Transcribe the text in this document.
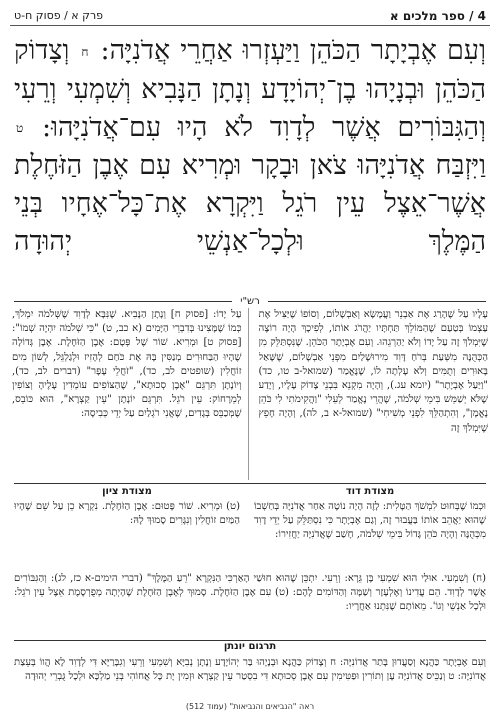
4 / ספר מלכים א
פרק א / פסוק ח-ט
וְעִם אֶבְיָתָר הַכֹּהֵן וַיַּעְזְרוּ אַחֲרֵי אֲדֹנִיָּה: ח וְצָדוֹק הַכֹּהֵן וּבְנָיָהוּ בֶן־יְהוֹיָדָע וְנָתָן הַנָּבִיא וְשִׁמְעִי וְרֵעִי וְהַגִּבּוֹרִים אֲשֶׁר לְדָוִד לֹא הָיוּ עִם־אֲדֹנִיָּהוּ: ט וַיִּזְבַּח אֲדֹנִיָּהוּ צֹאן וּבָקָר וּמְרִיא עִם אֶבֶן הַזֹּחֶלֶת אֲשֶׁר־אֵצֶל עֵין רֹגֵל וַיִּקְרָא אֶת־כָּל־אֶחָיו בְּנֵי הַמֶּלֶךְ וּלְכָל־אַנְשֵׁי יְהוּדָה
רש"י
עָלָיו עַל שֶׁהָרַג אֶת אַבְנֵר וַעֲמָשָׂא וְאַבְשָׁלוֹם, וְסוֹפוֹ שֶׁיַּצִּיל אֶת עַצְמוֹ בְּטַעַם שֶׁהַמּוֹלֵךְ תַּחְתָּיו יַהֲרֹג אוֹתוֹ, לְפִיכָךְ הָיָה רוֹצֶה שֶׁיִּמְלֹךְ זֶה עַל יָדוֹ וְלֹא יַהַרְגֵהוּ. וְעִם אֶבְיָתָר הַכֹּהֵן. שֶׁנִּסְתַּלֵּק מִן הַכְּהֻנָּה מִשְּׁעַת בְּרֹחַ דָּוִד מִירוּשָׁלַיִם מִפְּנֵי אַבְשָׁלוֹם, שֶׁשָּׁאַל בָּאוּרִים וְתֻמִּים וְלֹא עָלְתָה לוֹ, שֶׁנֶּאֱמַר (שמואל-ב טו, כד) "וַיַּעַל אֶבְיָתָר" (יומא עג.), וְהָיָה מִקְנֵא בִּבְנֵי צָדוֹק עָלָיו, וְיָדַע שֶׁלֹּא יְשַׁמֵּשׁ בִּימֵי שְׁלֹמֹה, שֶׁהֲרֵי נֶאֱמַר לְעֵלִי "וַהֲקִימֹתִי לִי כֹּהֵן נֶאֱמָן", וְהִתְהַלֵּךְ לִפְנֵי מְשִׁיחִי" (שמואל-א ב, לה), וְהָיָה חָפֵץ שֶׁיִּמְלֹךְ זֶה
עַל יָדוֹ: [פסוק ח] וְנָתָן הַנָּבִיא. שֶׁנִּבָּא לְדָוִד שֶׁשְּׁלֹמֹה יִמְלֹךְ, כְּמוֹ שֶׁמָּצִינוּ בְּדִבְרֵי הַיָּמִים (א כב, ט) "כִּי שְׁלֹמֹה יִהְיֶה שְׁמוֹ": [פסוק ט] וּמְרִיא. שׁוֹר שֶׁל פְּטָם: אֶבֶן הַזֹּחֶלֶת. אֶבֶן גְּדוֹלָה שֶׁהָיוּ הַבַּחוּרִים מְנַסִּין בָּהּ אֶת כֹּחַם לְהָזִיז וּלְגַלְגֵּל, לְשׁוֹן מִים זוֹחֲלִין (שופטים לב, כד), "זֹחֲלֵי עָפָר" (דברים לב, כד), וְיוֹנָתָן תִּרְגֵּם "אֶבֶן סְכוּתָא", שֶׁהַצּוֹפִים עוֹמְדִין עָלֶיהָ וְצוֹפִין לְמֵרָחוֹק: עֵין רֹגֵל. תִּרְגֵּם יוֹנָתָן "עֵין קַצְרָא", הוּא כּוֹבֵס, שֶׁמְּכַבֵּס בְּגָדִים, שֶׁאֲנִי רֹגְלַיִם עַל יְדֵי כְּבִיסָה:
מצודת דוד
וּכְמוֹ שֶׁבְּחוּט לִמְשֹׁךְ הַטָּלִית: לָזֶה הָיָה נוֹטֶה אַחַר אֲדֹנִיָּה בְּחַשְׁבוֹ שֶׁהוּא יַאֲהֵב אוֹתוֹ בַּעֲבוּר זֶה, וְגַם אֶבְיָתָר כִּי נִסְתַּלֵּק עַל יְדֵי דָוִד מִכְּהֻנָּה וְהָיָה כֹּהֵן גָּדוֹל בִּימֵי שְׁלֹמֹה, חָשַׁב שֶׁאֲדֹנִיָּה יַחֲזִירוֹ:
מצודת ציון
(ט) וּמְרִיא. שׁוֹר פָּטוּם: אֶבֶן הַזֹּחֶלֶת. נִקְרָא כֵן עַל שֵׁם שֶׁהָיוּ הַמַּיִם זוֹחֲלִין וְנִגָּרִים סָמוּךְ לָהּ:
(ח) וְשִׁמְעִי. אוּלַי הוּא שִׁמְעִי בֶּן גֵּרָא: וְרֵעִי. יִתְכֵּן שֶׁהוּא חוּשַׁי הָאַרְכִּי הַנִּקְרָא "רֵעַ הַמֶּלֶךְ" (דברי הימים-א כז, לג): וְהַגִּבּוֹרִים אֲשֶׁר לְדָוִד. הֵם עֲדִינוֹ וְאֶלְעָזָר וְשַׁמָּה וְהַדּוֹמִים לָהֶם: (ט) עִם אֶבֶן הַזֹּחֶלֶת. סָמוּךְ לְאֶבֶן הַזֹּחֶלֶת שֶׁהָיְתָה מְפֻרְסֶמֶת אֵצֶל עֵין רֹגֵל: וּלְכָל אַנְשֵׁי וְגוֹ'. מֵאוֹתָם שֶׁנִּתְנוּ אַחֲרָיו:
תרגום יונתן
וְעִם אֶבְיָתָר כַּהֲנָא וְסַעֲדוּן בָּתַר אֲדוֹנִיָּה: ח וְצָדוֹק כַּהֲנָא וּבְנָיָהוּ בַּר יְהוֹיָדָע וְנָתָן נְבִיָּא וְשִׁמְעִי וְרֵעִי וְגִבָּרַיָּא דִּי לְדָוִד לָא הֲווֹ בְּעֵצַת אֲדוֹנִיָּה: ט וְנַכֵּיס אֲדוֹנִיָּה עָן וְתוֹרִין וּפַטִּימִין עִם אֶבֶן סְכוּתָא דִּי בִסְטַר עֵין קַצְרָא וּזְמִין יָת כָּל אֲחוֹהִי בְּנֵי מַלְכָּא וּלְכָל גֻּבְרֵי יְהוּדָה
ראה "הנביאים והנביאות" (עמוד 512)
